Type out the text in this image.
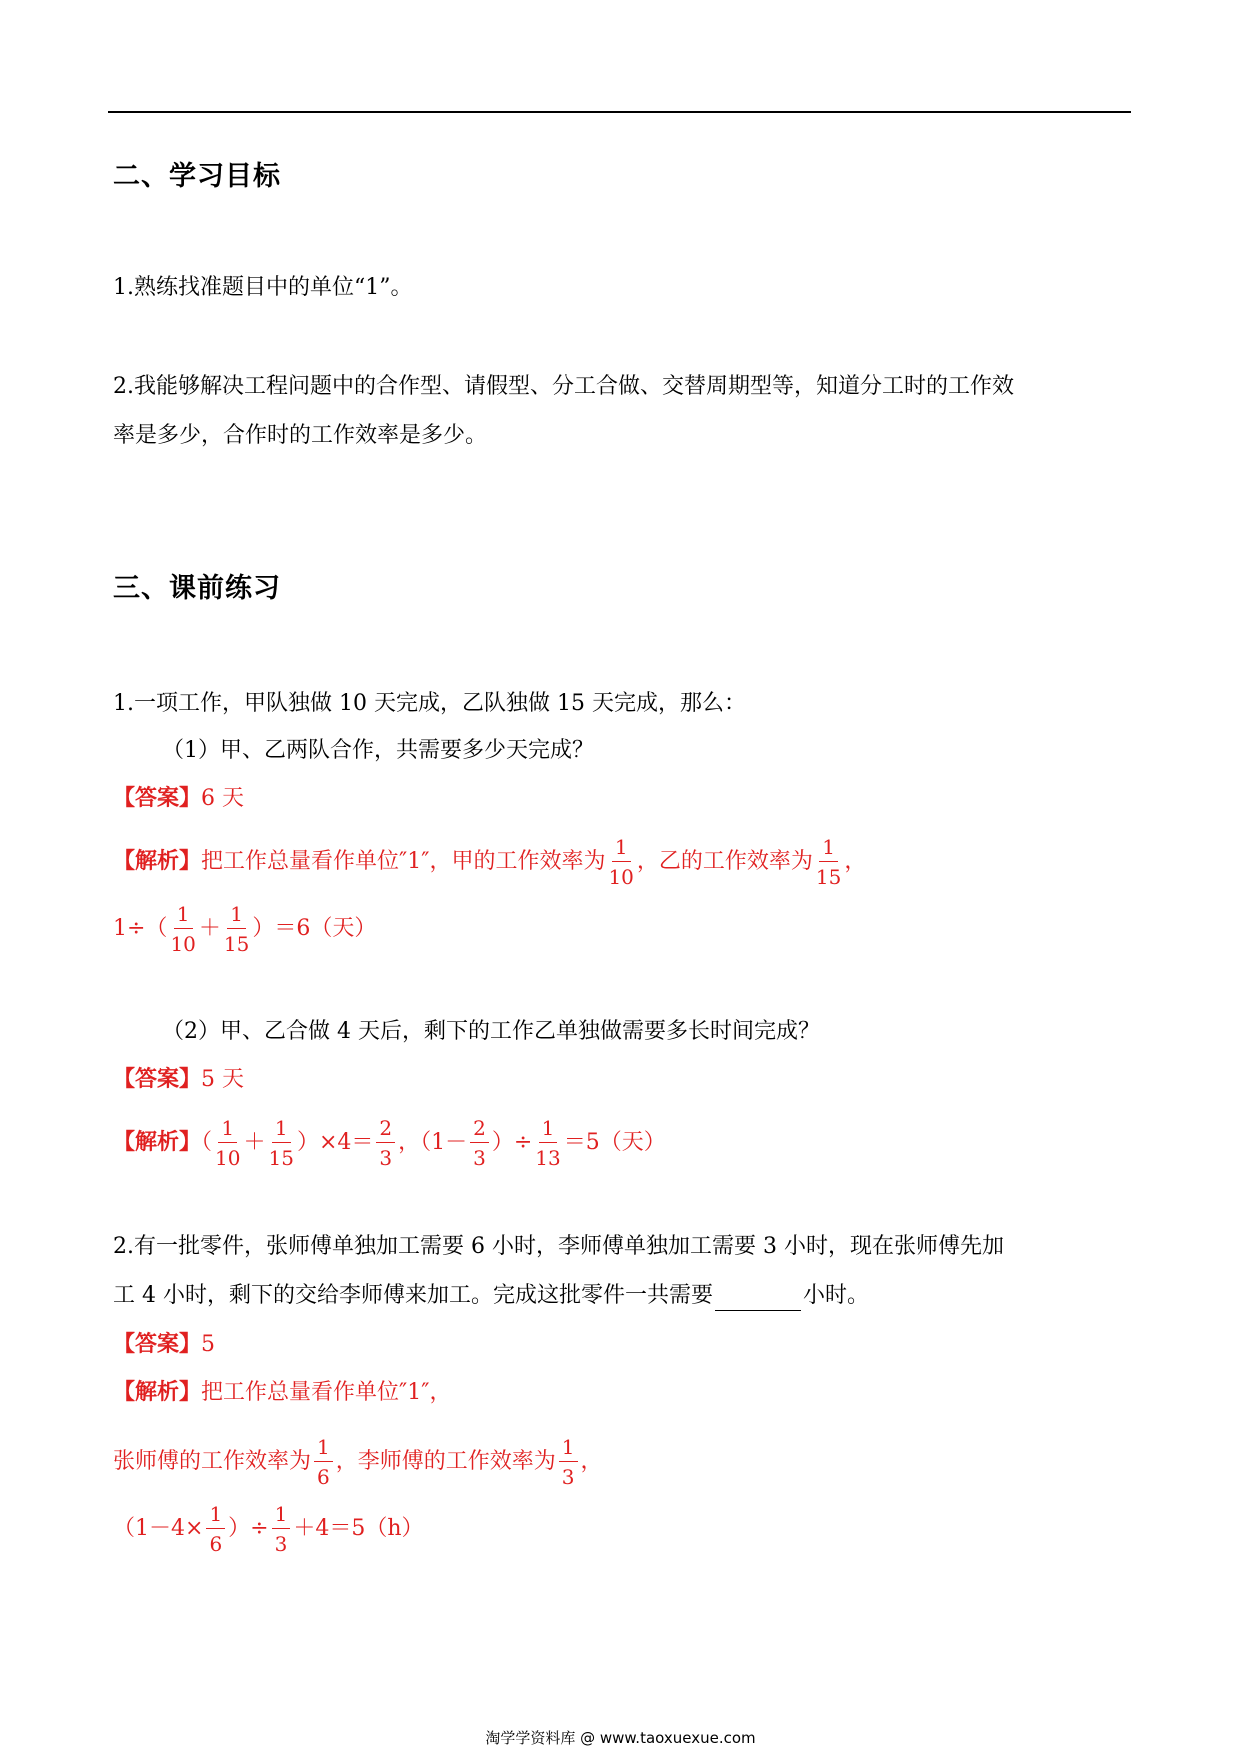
二、学习目标
1.熟练找准题目中的单位“1”。
2.我能够解决工程问题中的合作型、请假型、分工合做、交替周期型等，知道分工时的工作效
率是多少，合作时的工作效率是多少。
三、课前练习
1.一项工作，甲队独做 10 天完成，乙队独做 15 天完成，那么：
（1）甲、乙两队合作，共需要多少天完成？
【答案】6 天
【解析】把工作总量看作单位″1″，甲的工作效率为 $\frac{1}{10}$ ，乙的工作效率为 $\frac{1}{15}$ ，
$1\div( \frac{1}{10} + \frac{1}{15} )=6$（天）
（2）甲、乙合做 4 天后，剩下的工作乙单独做需要多长时间完成？
【答案】5 天
【解析】（ $\frac{1}{10} + \frac{1}{15} )\times 4= \frac{2}{3}$ ，（$1- \frac{2}{3}$ ）÷ $\frac{1}{13} =5$（天）
2.有一批零件，张师傅单独加工需要 6 小时，李师傅单独加工需要 3 小时，现在张师傅先加
工 4 小时，剩下的交给李师傅来加工。完成这批零件一共需要	小时。
【答案】5
【解析】把工作总量看作单位″1″，
张师傅的工作效率为 $\frac{1}{6}$ ，李师傅的工作效率为 $\frac{1}{3}$ ，
（$1-4\times \frac{1}{6}$ ）÷ $\frac{1}{3} +4=5(h)$
淘学学资料库 @ www.taoxuexue.com
